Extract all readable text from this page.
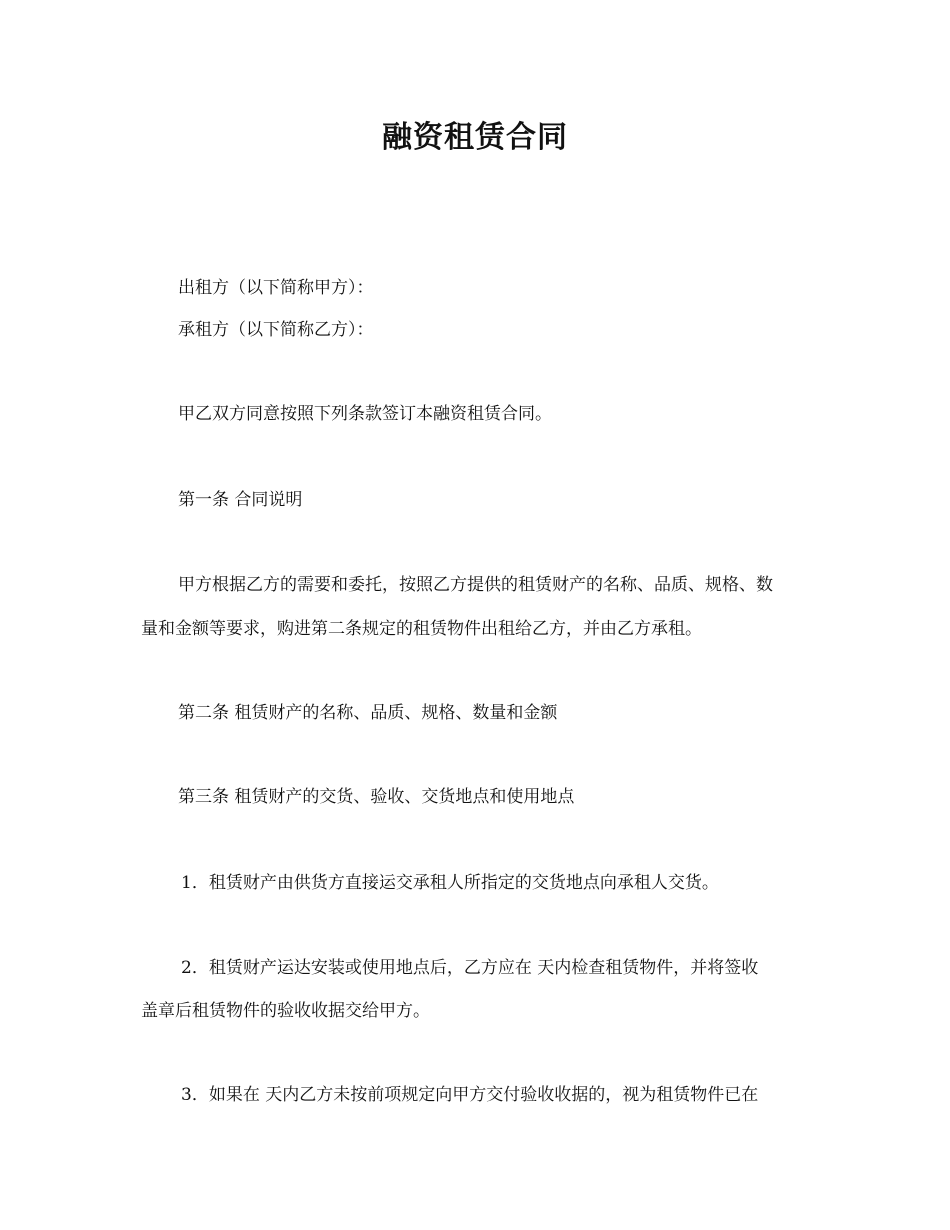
融资租赁合同

出租方（以下简称甲方）：

承租方（以下简称乙方）：

甲乙双方同意按照下列条款签订本融资租赁合同。

第一条 合同说明

甲方根据乙方的需要和委托，按照乙方提供的租赁财产的名称、品质、规格、数

量和金额等要求，购进第二条规定的租赁物件出租给乙方，并由乙方承租。

第二条 租赁财产的名称、品质、规格、数量和金额

第三条 租赁财产的交货、验收、交货地点和使用地点

1．租赁财产由供货方直接运交承租人所指定的交货地点向承租人交货。

2．租赁财产运达安装或使用地点后，乙方应在 天内检查租赁物件，并将签收

盖章后租赁物件的验收收据交给甲方。

3．如果在 天内乙方未按前项规定向甲方交付验收收据的，视为租赁物件已在
